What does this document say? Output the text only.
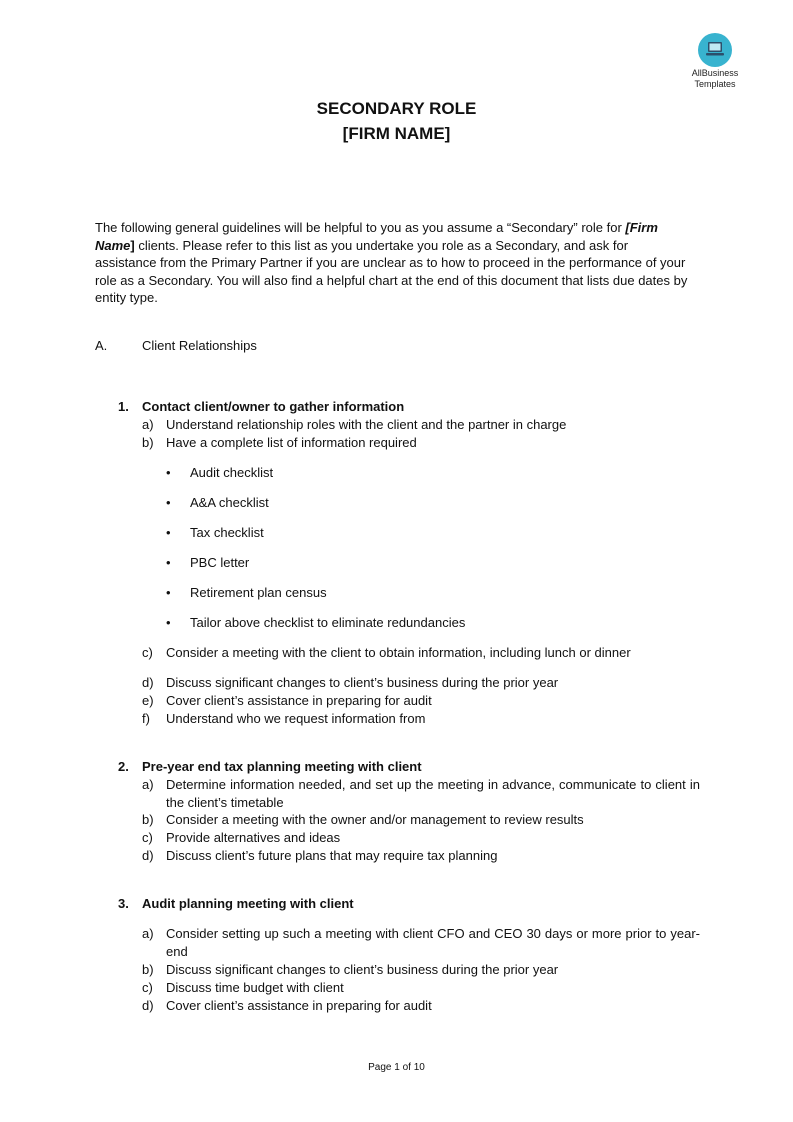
AllBusiness
Templates
SECONDARY ROLE
[FIRM NAME]
The following general guidelines will be helpful to you as you assume a “Secondary” role for [Firm Name] clients. Please refer to this list as you undertake you role as a Secondary, and ask for assistance from the Primary Partner if you are unclear as to how to proceed in the performance of your role as a Secondary. You will also find a helpful chart at the end of this document that lists due dates by entity type.
A.	Client Relationships
1. Contact client/owner to gather information
a) Understand relationship roles with the client and the partner in charge
b) Have a complete list of information required
• Audit checklist
• A&A checklist
• Tax checklist
• PBC letter
• Retirement plan census
• Tailor above checklist to eliminate redundancies
c) Consider a meeting with the client to obtain information, including lunch or dinner
d) Discuss significant changes to client’s business during the prior year
e) Cover client’s assistance in preparing for audit
f) Understand who we request information from
2. Pre-year end tax planning meeting with client
a) Determine information needed, and set up the meeting in advance, communicate to client in the client’s timetable
b) Consider a meeting with the owner and/or management to review results
c) Provide alternatives and ideas
d) Discuss client’s future plans that may require tax planning
3. Audit planning meeting with client
a) Consider setting up such a meeting with client CFO and CEO 30 days or more prior to year-end
b) Discuss significant changes to client’s business during the prior year
c) Discuss time budget with client
d) Cover client’s assistance in preparing for audit
Page 1 of 10
